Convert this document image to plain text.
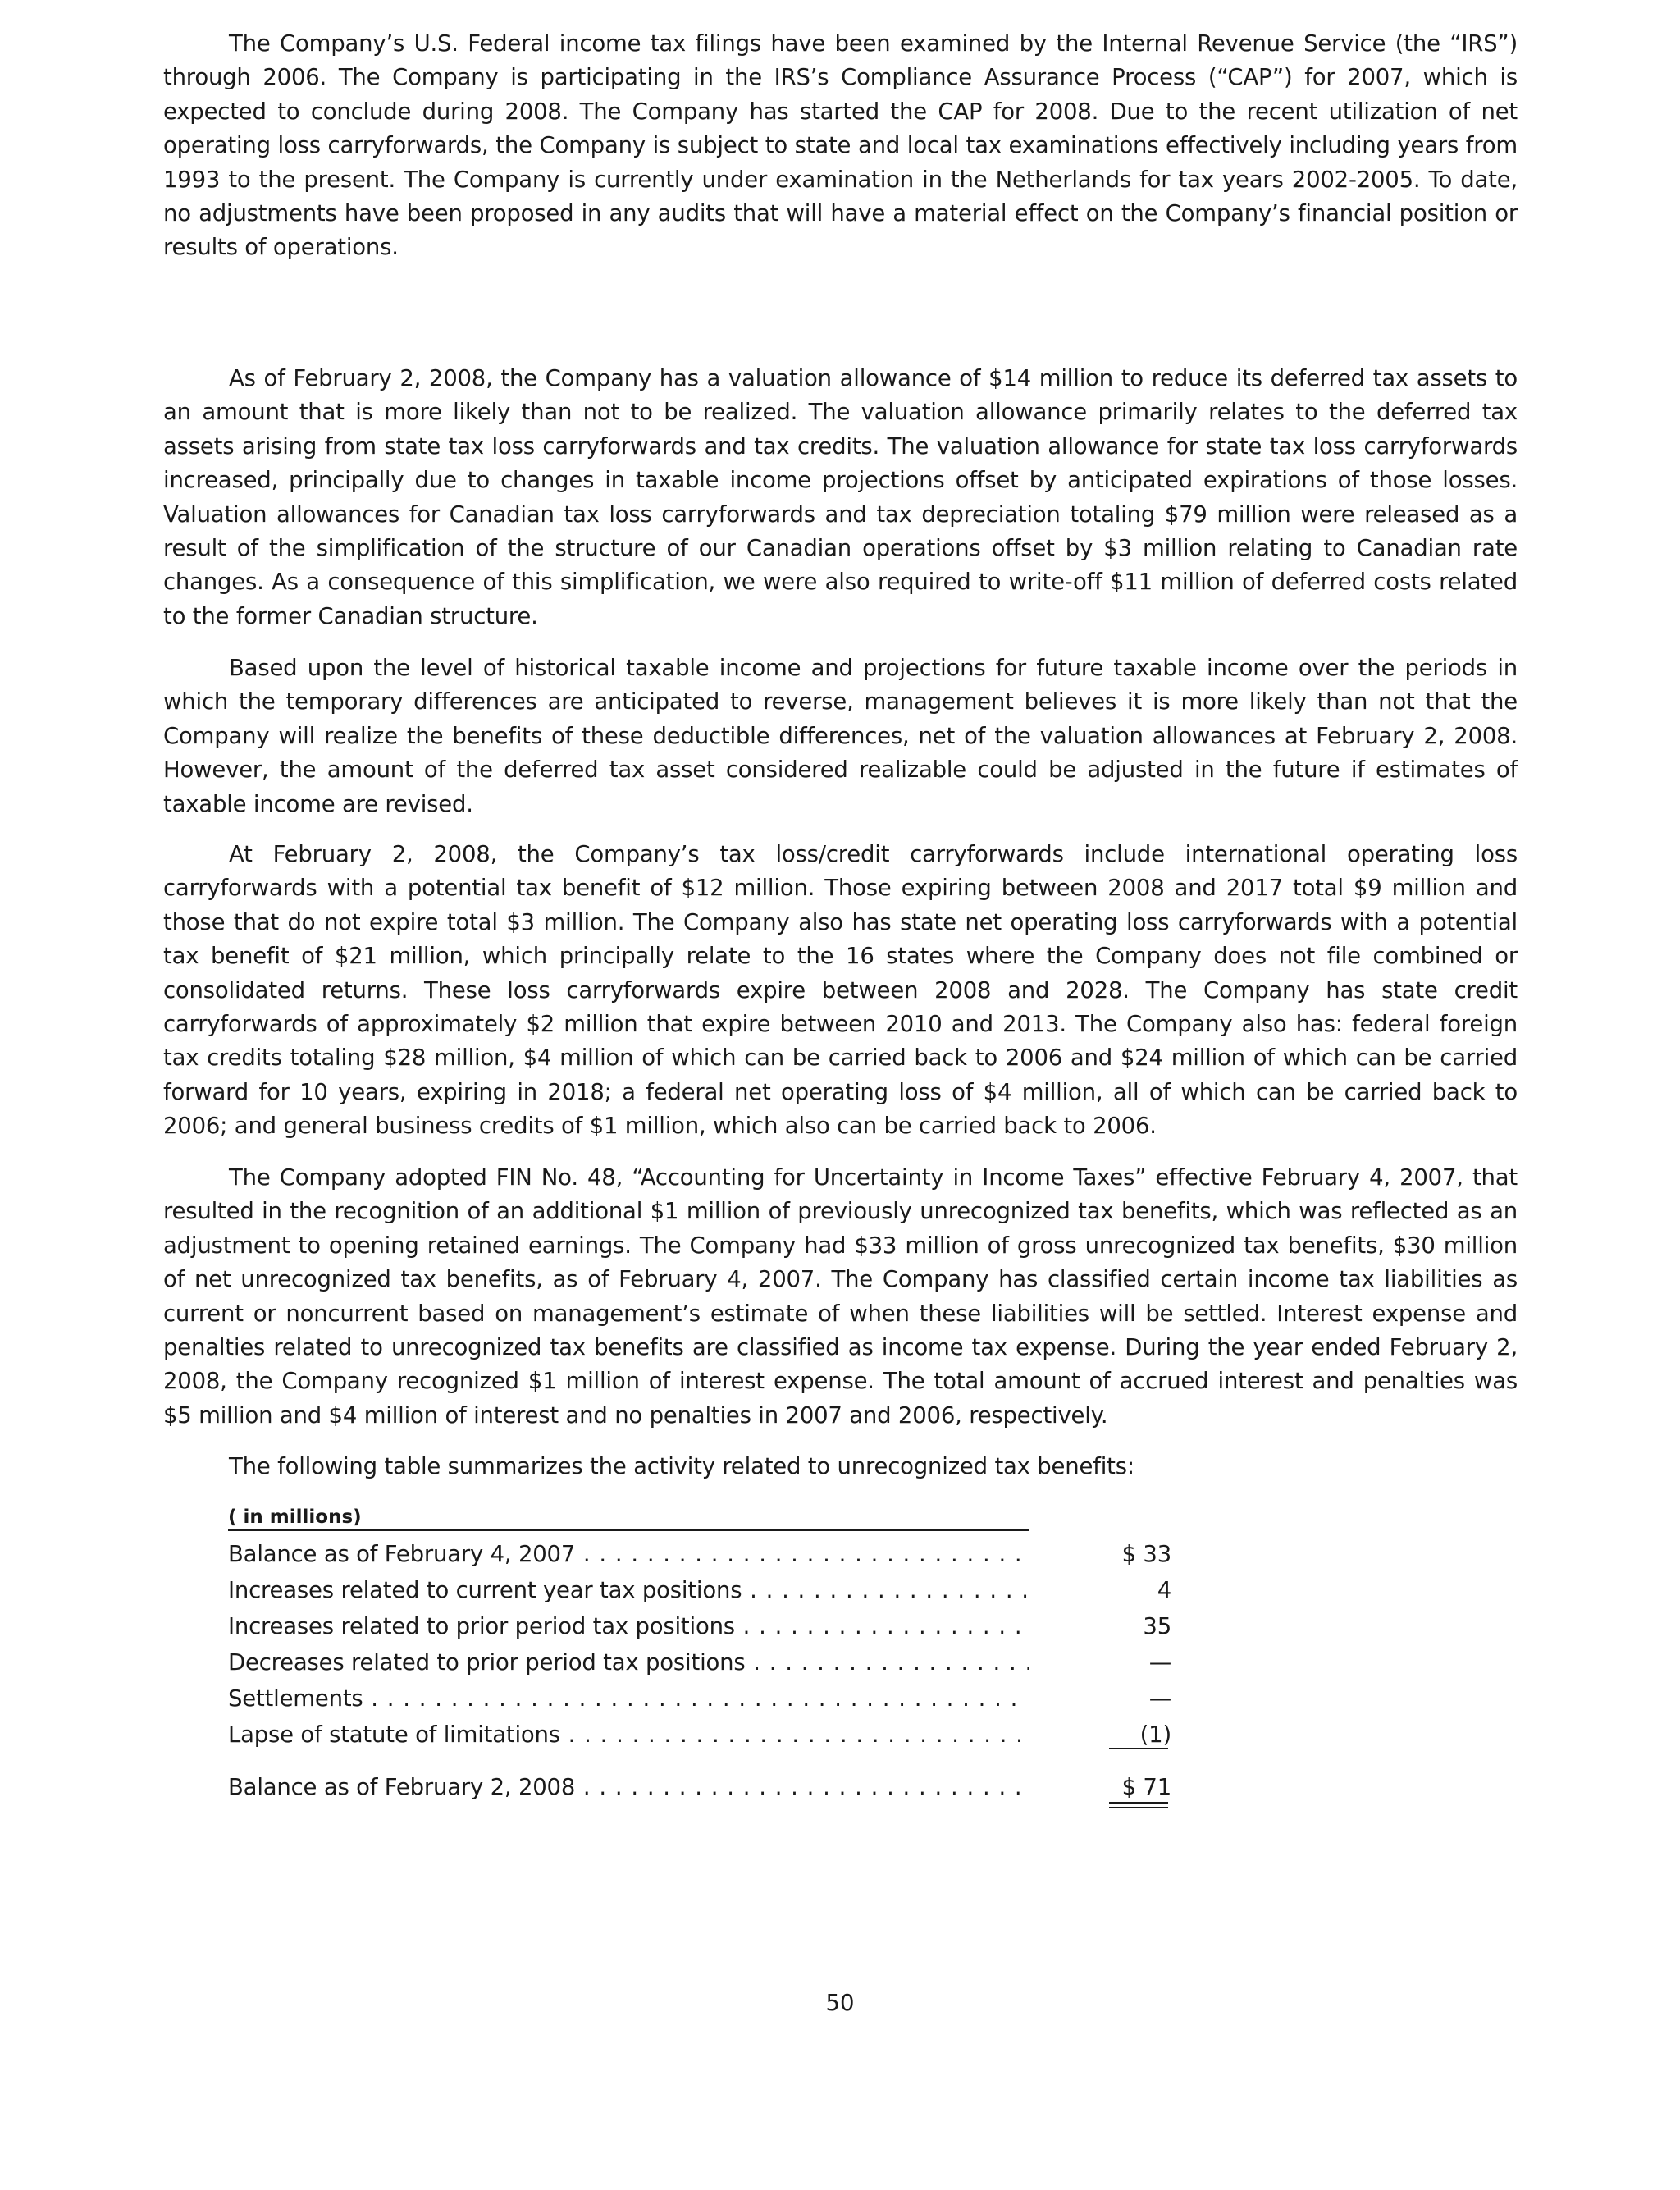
The Company’s U.S. Federal income tax filings have been examined by the Internal Revenue Service (the “IRS”) through 2006. The Company is participating in the IRS’s Compliance Assurance Process (“CAP”) for 2007, which is expected to conclude during 2008. The Company has started the CAP for 2008. Due to the recent utilization of net operating loss carryforwards, the Company is subject to state and local tax examinations effectively including years from 1993 to the present. The Company is currently under examination in the Netherlands for tax years 2002-2005. To date, no adjustments have been proposed in any audits that will have a material effect on the Company’s financial position or results of operations.

As of February 2, 2008, the Company has a valuation allowance of $14 million to reduce its deferred tax assets to an amount that is more likely than not to be realized. The valuation allowance primarily relates to the deferred tax assets arising from state tax loss carryforwards and tax credits. The valuation allowance for state tax loss carryforwards increased, principally due to changes in taxable income projections offset by anticipated expirations of those losses. Valuation allowances for Canadian tax loss carryforwards and tax depreciation totaling $79 million were released as a result of the simplification of the structure of our Canadian operations offset by $3 million relating to Canadian rate changes. As a consequence of this simplification, we were also required to write-off $11 million of deferred costs related to the former Canadian structure.

Based upon the level of historical taxable income and projections for future taxable income over the periods in which the temporary differences are anticipated to reverse, management believes it is more likely than not that the Company will realize the benefits of these deductible differences, net of the valuation allowances at February 2, 2008. However, the amount of the deferred tax asset considered realizable could be adjusted in the future if estimates of taxable income are revised.

At February 2, 2008, the Company’s tax loss/credit carryforwards include international operating loss carryforwards with a potential tax benefit of $12 million. Those expiring between 2008 and 2017 total $9 million and those that do not expire total $3 million. The Company also has state net operating loss carryforwards with a potential tax benefit of $21 million, which principally relate to the 16 states where the Company does not file combined or consolidated returns. These loss carryforwards expire between 2008 and 2028. The Company has state credit carryforwards of approximately $2 million that expire between 2010 and 2013. The Company also has: federal foreign tax credits totaling $28 million, $4 million of which can be carried back to 2006 and $24 million of which can be carried forward for 10 years, expiring in 2018; a federal net operating loss of $4 million, all of which can be carried back to 2006; and general business credits of $1 million, which also can be carried back to 2006.

The Company adopted FIN No. 48, “Accounting for Uncertainty in Income Taxes” effective February 4, 2007, that resulted in the recognition of an additional $1 million of previously unrecognized tax benefits, which was reflected as an adjustment to opening retained earnings. The Company had $33 million of gross unrecognized tax benefits, $30 million of net unrecognized tax benefits, as of February 4, 2007. The Company has classified certain income tax liabilities as current or noncurrent based on management’s estimate of when these liabilities will be settled. Interest expense and penalties related to unrecognized tax benefits are classified as income tax expense. During the year ended February 2, 2008, the Company recognized $1 million of interest expense. The total amount of accrued interest and penalties was $5 million and $4 million of interest and no penalties in 2007 and 2006, respectively.

The following table summarizes the activity related to unrecognized tax benefits:

( in millions)
Balance as of February 4, 2007 . . .	$ 33
Increases related to current year tax positions . . .	4
Increases related to prior period tax positions . . .	35
Decreases related to prior period tax positions . . .	—
Settlements . . .	—
Lapse of statute of limitations . . .	(1)
Balance as of February 2, 2008 . . .	$ 71
50
